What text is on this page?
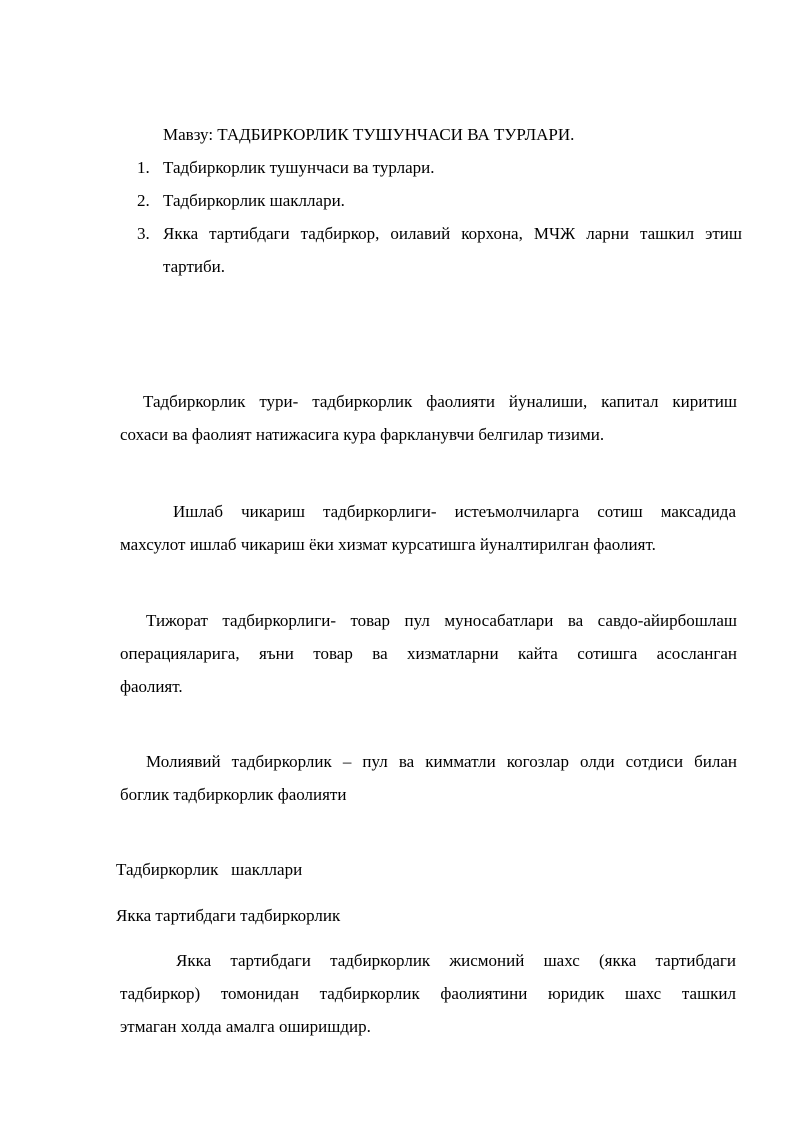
Мавзу: ТАДБИРКОРЛИК ТУШУНЧАСИ ВА ТУРЛАРИ.
1. Тадбиркорлик тушунчаси ва турлари.
2. Тадбиркорлик шакллари.
3. Якка тартибдаги тадбиркор, оилавий корхона, МЧЖ ларни ташкил этиш
тартиби.
Тадбиркорлик тури- тадбиркорлик фаолияти йуналиши, капитал киритиш
сохаси ва фаолият натижасига кура фаркланувчи белгилар тизими.
Ишлаб чикариш тадбиркорлиги- истеъмолчиларга сотиш максадида
махсулот ишлаб чикариш ёки хизмат курсатишга йуналтирилган фаолият.
Тижорат тадбиркорлиги- товар пул муносабатлари ва савдо-айирбошлаш
операцияларига, яъни товар ва хизматларни кайта сотишга асосланган
фаолият.
Молиявий тадбиркорлик – пул ва кимматли когозлар олди сотдиси билан
боглик тадбиркорлик фаолияти
Тадбиркорлик   шакллари
Якка тартибдаги тадбиркорлик
Якка тартибдаги тадбиркорлик жисмоний шахс (якка тартибдаги
тадбиркор) томонидан тадбиркорлик фаолиятини юридик шахс ташкил
этмаган холда амалга оширишдир.
